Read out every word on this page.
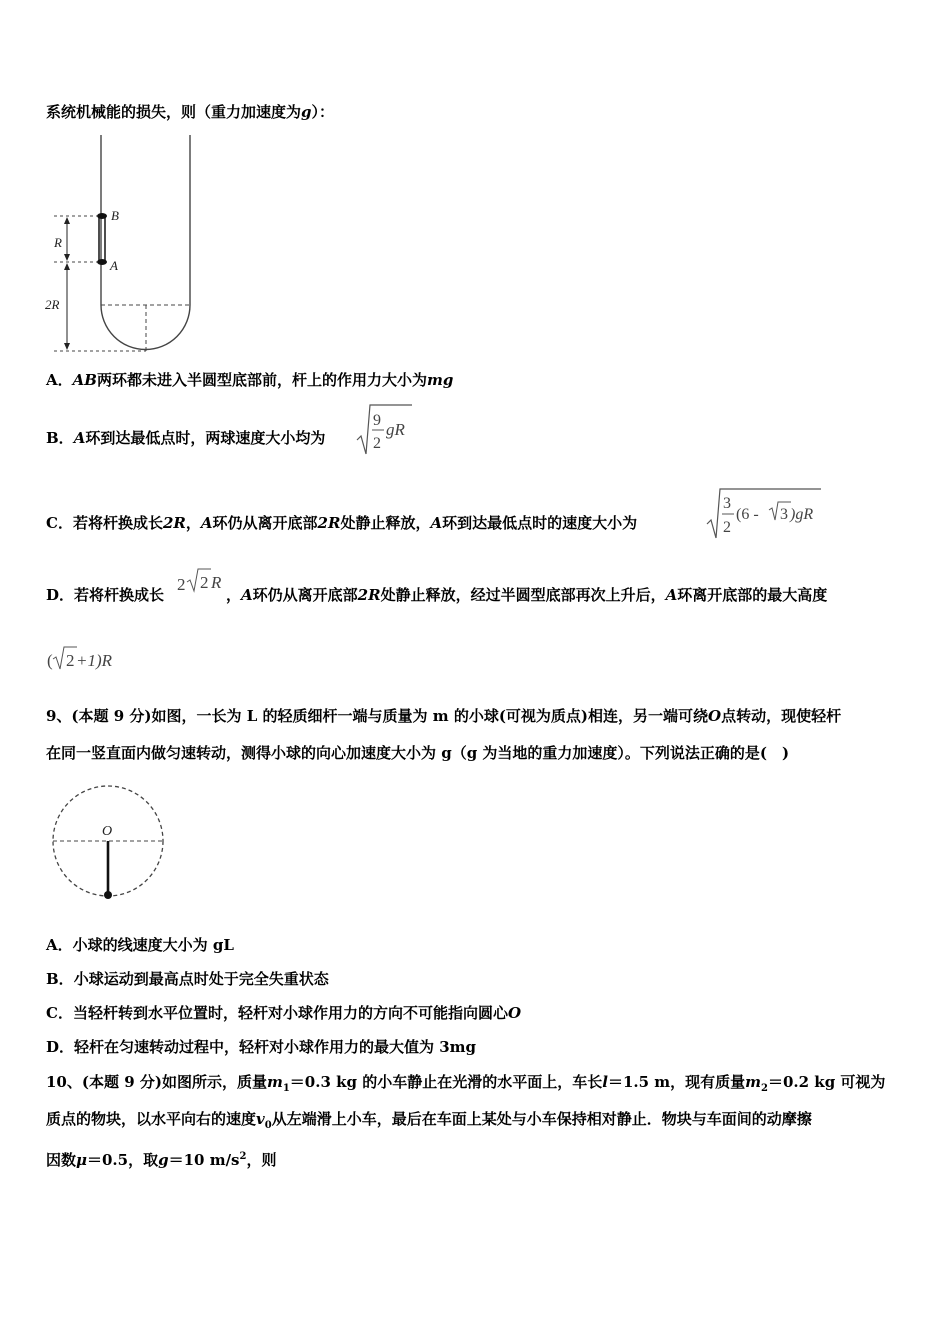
系统机械能的损失，则（重力加速度为g）：
B
A
R
2R
A．AB两环都未进入半圆型底部前，杆上的作用力大小为mg
B．A环到达最低点时，两球速度大小均为
9
2
gR
C．若将杆换成长2R，A环仍从离开底部2R处静止释放，A环到达最低点时的速度大小为
3
2
(6 - 3 )gR
D．若将杆换成长
2 2 R
，A环仍从离开底部2R处静止释放，经过半圆型底部再次上升后，A环离开底部的最大高度
( 2 +1)R
9、(本题 9 分)如图，一长为 L 的轻质细杆一端与质量为 m 的小球(可视为质点)相连，另一端可绕O点转动，现使轻杆
在同一竖直面内做匀速转动，测得小球的向心加速度大小为 g（g 为当地的重力加速度）。下列说法正确的是(　)
O
A．小球的线速度大小为 gL
B．小球运动到最高点时处于完全失重状态
C．当轻杆转到水平位置时，轻杆对小球作用力的方向不可能指向圆心O
D．轻杆在匀速转动过程中，轻杆对小球作用力的最大值为 3mg
10、(本题 9 分)如图所示，质量$m_1=0.3$ kg 的小车静止在光滑的水平面上，车长l＝1.5 m，现有质量$m_2=0.2$ kg 可视为
质点的物块，以水平向右的速度$v_0$从左端滑上小车，最后在车面上某处与小车保持相对静止．物块与车面间的动摩擦
因数μ＝0.5，取g＝10 $m/s^2$，则
